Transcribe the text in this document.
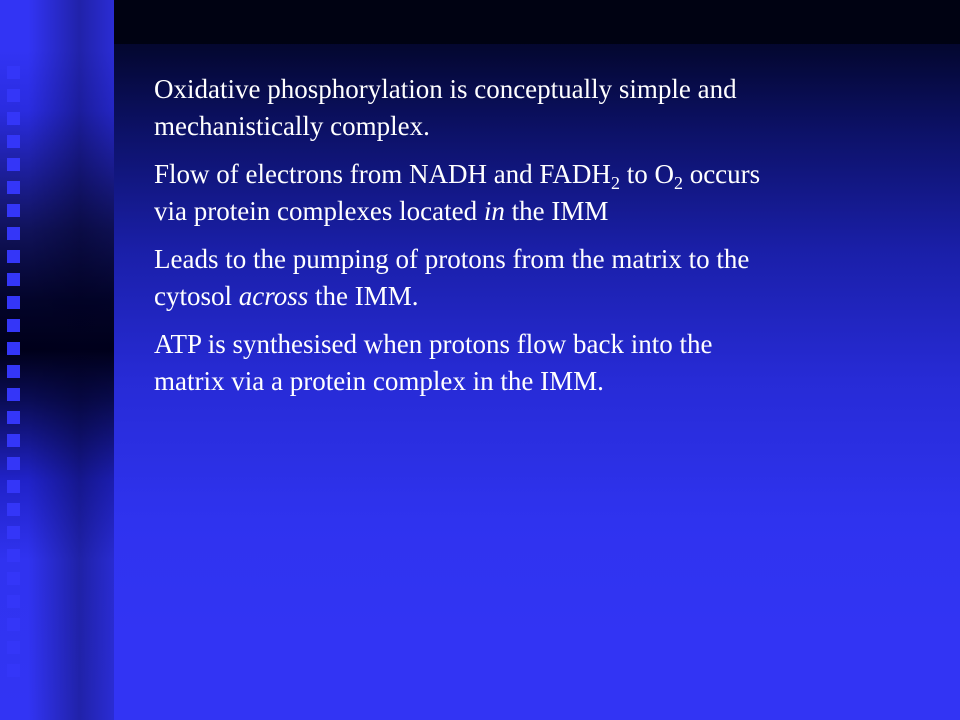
Oxidative phosphorylation is conceptually simple and mechanistically complex.

Flow of electrons from NADH and $FADH_2$ to $O_2$ occurs via protein complexes located in the IMM

Leads to the pumping of protons from the matrix to the cytosol across the IMM.

ATP is synthesised when protons flow back into the matrix via a protein complex in the IMM.
